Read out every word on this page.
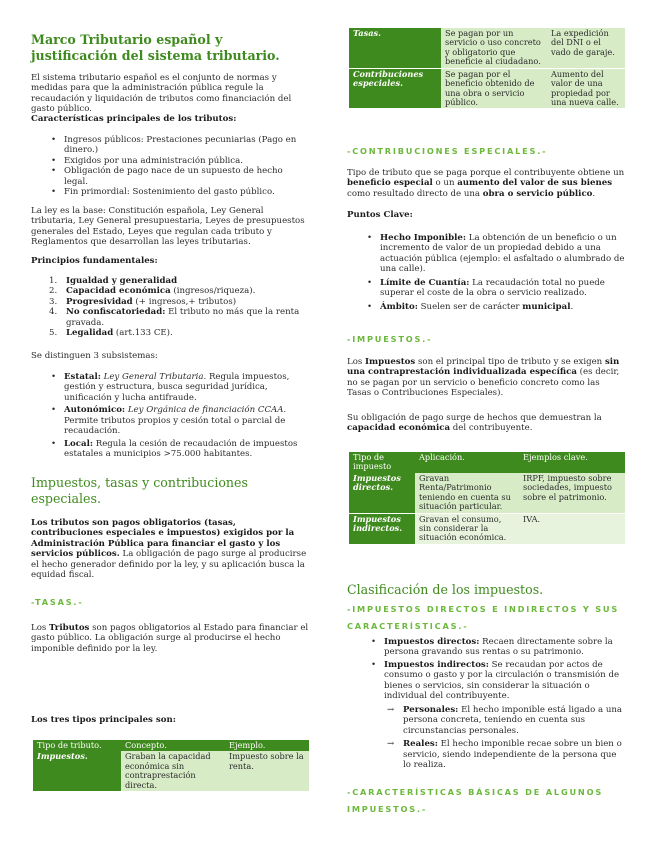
Marco Tributario español y justificación del sistema tributario.

El sistema tributario español es el conjunto de normas y medidas para que la administración pública regule la recaudación y liquidación de tributos como financiación del gasto público.

Características principales de los tributos:

• Ingresos públicos: Prestaciones pecuniarias (Pago en dinero.)
• Exigidos por una administración pública.
• Obligación de pago nace de un supuesto de hecho legal.
• Fin primordial: Sostenimiento del gasto público.

La ley es la base: Constitución española, Ley General tributaria, Ley General presupuestaria, Leyes de presupuestos generales del Estado, Leyes que regulan cada tributo y Reglamentos que desarrollan las leyes tributarias.

Principios fundamentales:

1. Igualdad y generalidad
2. Capacidad económica (ingresos/riqueza).
3. Progresividad (+ ingresos,+ tributos)
4. No confiscatoriedad: El tributo no más que la renta gravada.
5. Legalidad (art.133 CE).

Se distinguen 3 subsistemas:

• Estatal: Ley General Tributaria. Regula impuestos, gestión y estructura, busca seguridad jurídica, unificación y lucha antifraude.
• Autonómico: Ley Orgánica de financiación CCAA. Permite tributos propios y cesión total o parcial de recaudación.
• Local: Regula la cesión de recaudación de impuestos estatales a municipios >75.000 habitantes.
Impuestos, tasas y contribuciones especiales.

Los tributos son pagos obligatorios (tasas, contribuciones especiales e impuestos) exigidos por la Administración Pública para financiar el gasto y los servicios públicos. La obligación de pago surge al producirse el hecho generador definido por la ley, y su aplicación busca la equidad fiscal.

-TASAS.-

Los Tributos son pagos obligatorios al Estado para financiar el gasto público. La obligación surge al producirse el hecho imponible definido por la ley.

Los tres tipos principales son:

Tipo de tributo.	Concepto.	Ejemplo.
Impuestos.	Graban la capacidad económica sin contraprestación directa.	Impuesto sobre la renta.
Tasas.	Se pagan por un servicio o uso concreto y obligatorio que beneficie al ciudadano.	La expedición del DNI o el vado de garaje.
Contribuciones especiales.	Se pagan por el beneficio obtenido de una obra o servicio público.	Aumento del valor de una propiedad por una nueva calle.
-CONTRIBUCIONES ESPECIALES.-

Tipo de tributo que se paga porque el contribuyente obtiene un beneficio especial o un aumento del valor de sus bienes como resultado directo de una obra o servicio público.

Puntos Clave:

• Hecho Imponible: La obtención de un beneficio o un incremento de valor de un propiedad debido a una actuación pública (ejemplo: el asfaltado o alumbrado de una calle).
• Límite de Cuantía: La recaudación total no puede superar el coste de la obra o servicio realizado.
• Ámbito: Suelen ser de carácter municipal.
-IMPUESTOS.-

Los Impuestos son el principal tipo de tributo y se exigen sin una contraprestación individualizada específica (es decir, no se pagan por un servicio o beneficio concreto como las Tasas o Contribuciones Especiales).

Su obligación de pago surge de hechos que demuestran la capacidad económica del contribuyente.

Tipo de impuesto	Aplicación.	Ejemplos clave.
Impuestos directos.	Gravan Renta/Patrimonio teniendo en cuenta su situación particular.	IRPF, impuesto sobre sociedades, impuesto sobre el patrimonio.
Impuestos indirectos.	Gravan el consumo, sin considerar la situación económica.	IVA.
Clasificación de los impuestos.
-IMPUESTOS DIRECTOS E INDIRECTOS Y SUS CARACTERÍSTICAS.-
• Impuestos directos: Recaen directamente sobre la persona gravando sus rentas o su patrimonio.
• Impuestos indirectos: Se recaudan por actos de consumo o gasto y por la circulación o transmisión de bienes o servicios, sin considerar la situación o individual del contribuyente.
→ Personales: El hecho imponible está ligado a una persona concreta, teniendo en cuenta sus circunstancias personales.
→ Reales: El hecho imponible recae sobre un bien o servicio, siendo independiente de la persona que lo realiza.
-CARACTERÍSTICAS BÁSICAS DE ALGUNOS IMPUESTOS.-
